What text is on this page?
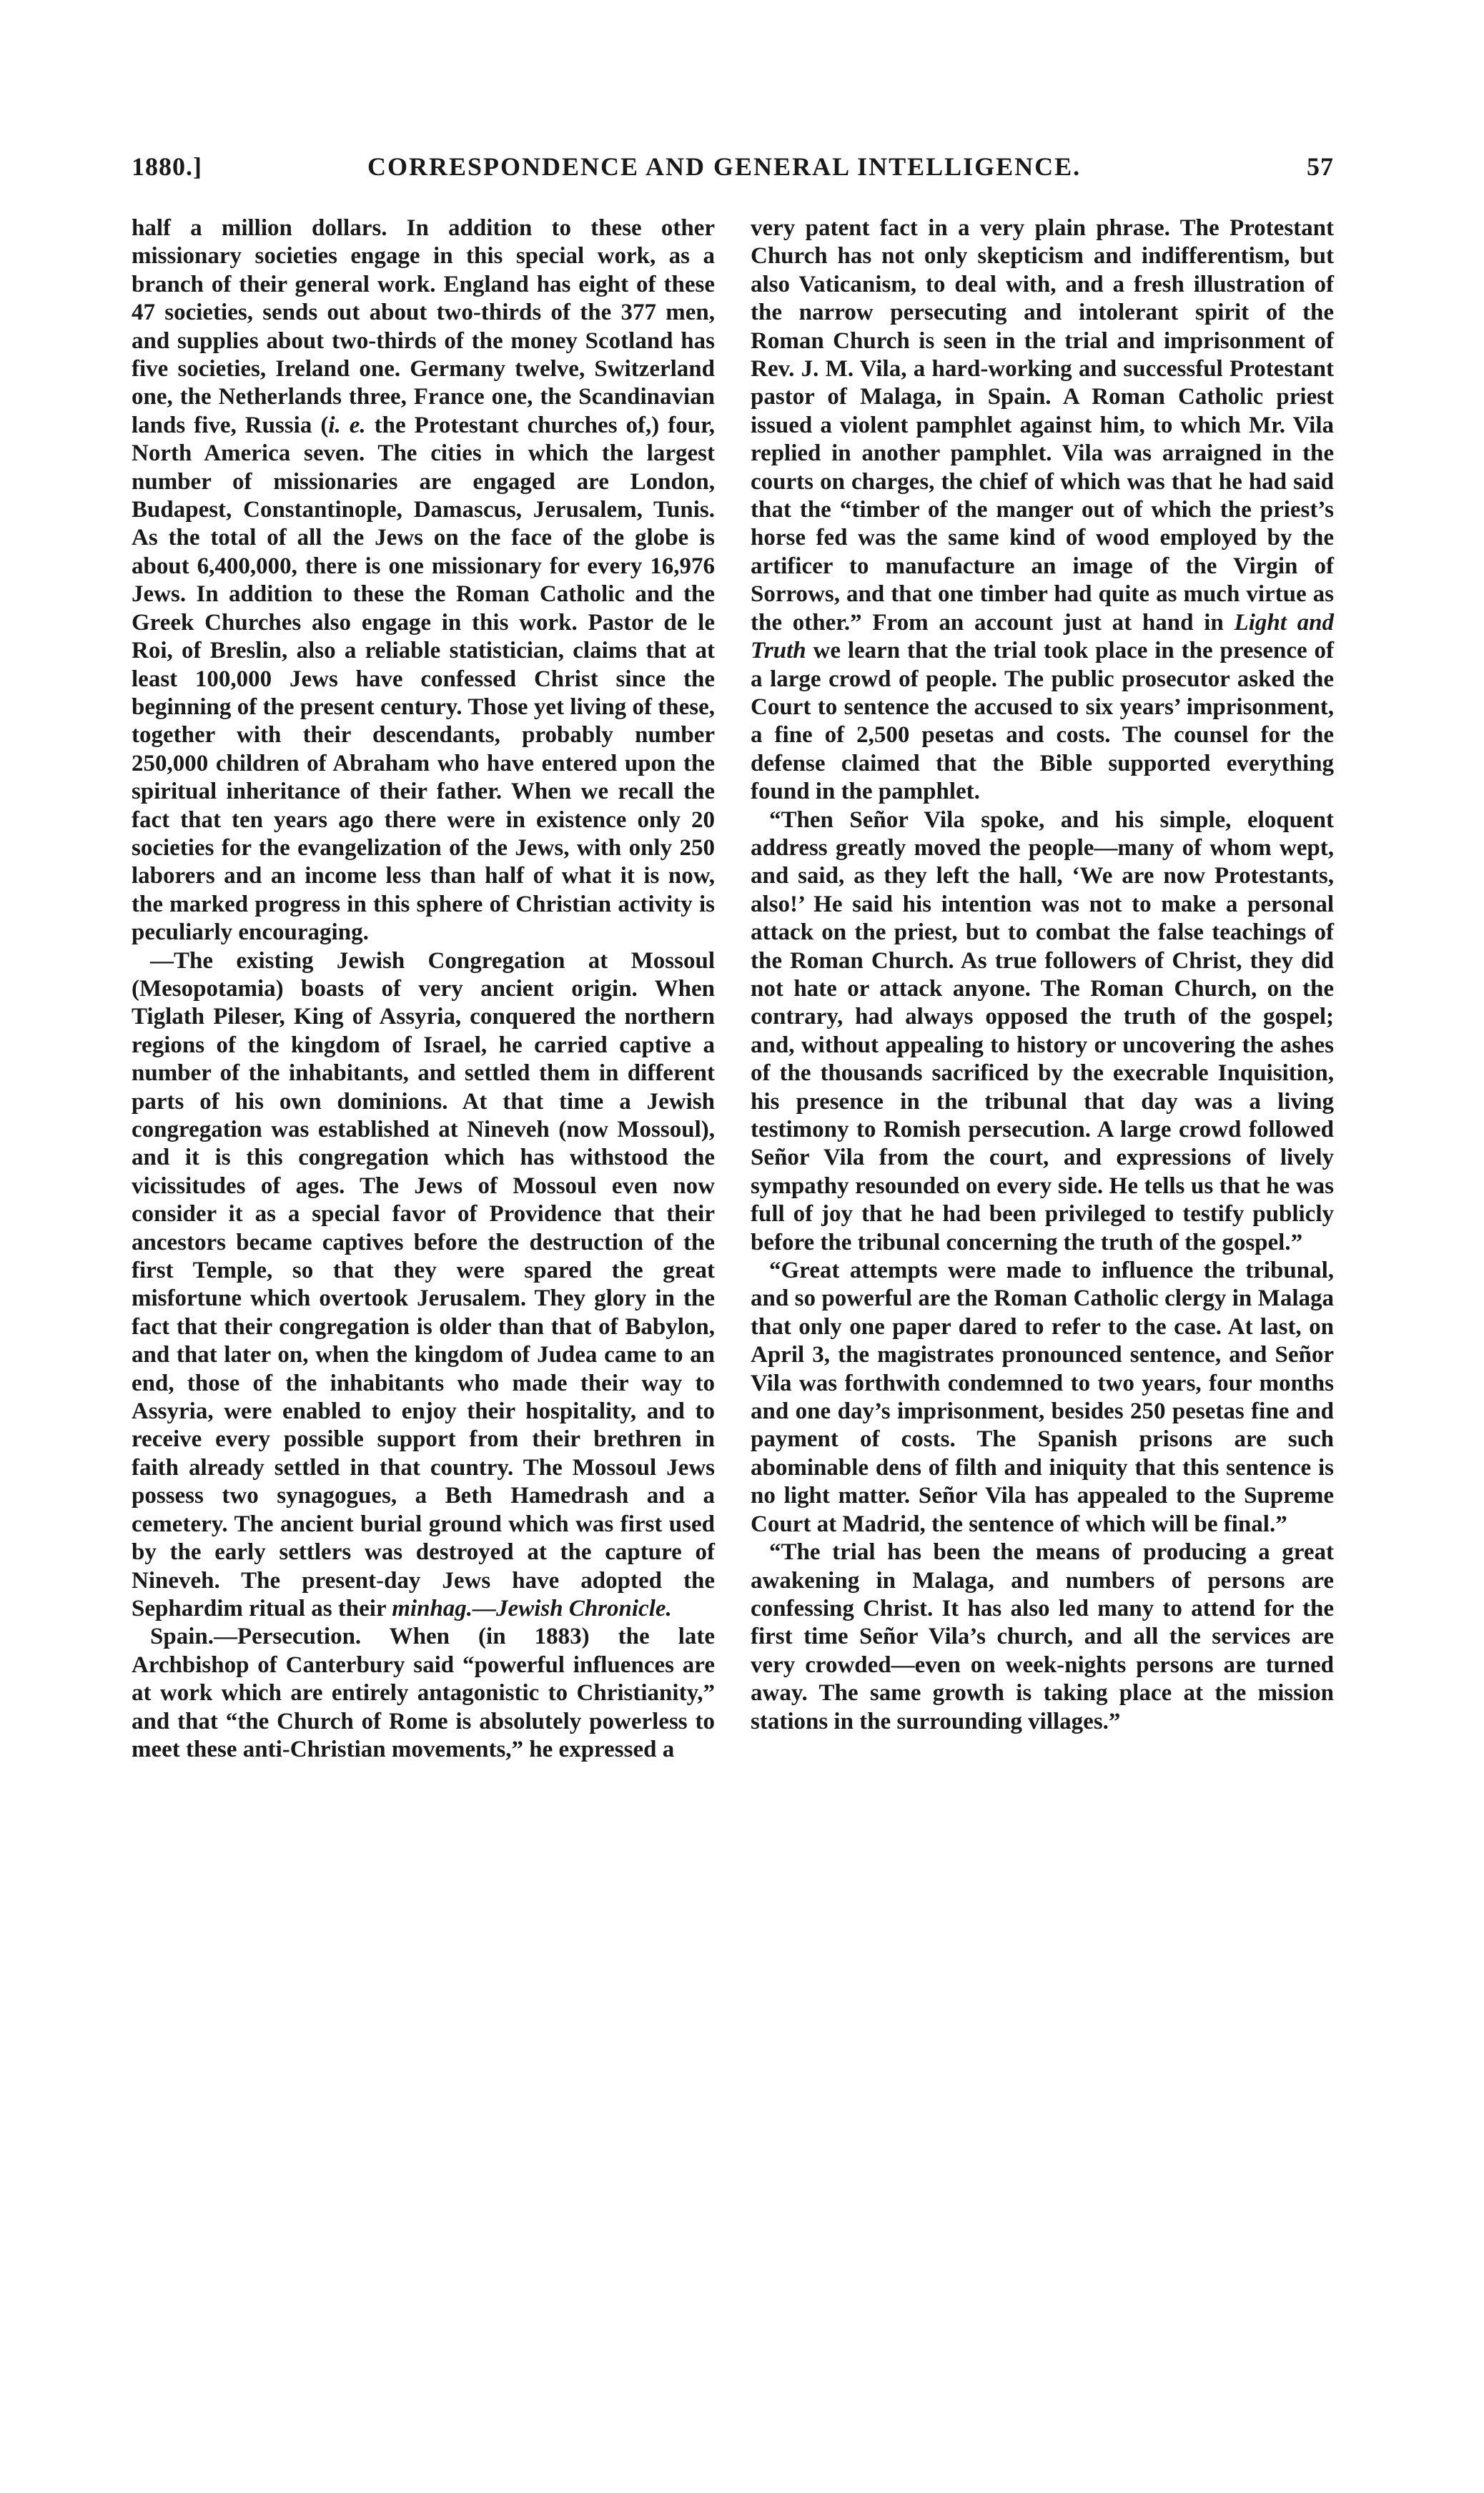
1880.]	CORRESPONDENCE AND GENERAL INTELLIGENCE.	57

half a million dollars. In addition to these other missionary societies engage in this special work, as a branch of their general work. England has eight of these 47 societies, sends out about two-thirds of the 377 men, and supplies about two-thirds of the money Scotland has five societies, Ireland one. Germany twelve, Switzerland one, the Netherlands three, France one, the Scandinavian lands five, Russia (i. e. the Protestant churches of,) four, North America seven. The cities in which the largest number of missionaries are engaged are London, Budapest, Constantinople, Damascus, Jerusalem, Tunis. As the total of all the Jews on the face of the globe is about 6,400,000, there is one missionary for every 16,976 Jews. In addition to these the Roman Catholic and the Greek Churches also engage in this work. Pastor de le Roi, of Breslin, also a reliable statistician, claims that at least 100,000 Jews have confessed Christ since the beginning of the present century. Those yet living of these, together with their descendants, probably number 250,000 children of Abraham who have entered upon the spiritual inheritance of their father. When we recall the fact that ten years ago there were in existence only 20 societies for the evangelization of the Jews, with only 250 laborers and an income less than half of what it is now, the marked progress in this sphere of Christian activity is peculiarly encouraging.

—The existing Jewish Congregation at Mossoul (Mesopotamia) boasts of very ancient origin. When Tiglath Pileser, King of Assyria, conquered the northern regions of the kingdom of Israel, he carried captive a number of the inhabitants, and settled them in different parts of his own dominions. At that time a Jewish congregation was established at Nineveh (now Mossoul), and it is this congregation which has withstood the vicissitudes of ages. The Jews of Mossoul even now consider it as a special favor of Providence that their ancestors became captives before the destruction of the first Temple, so that they were spared the great misfortune which overtook Jerusalem. They glory in the fact that their congregation is older than that of Babylon, and that later on, when the kingdom of Judea came to an end, those of the inhabitants who made their way to Assyria, were enabled to enjoy their hospitality, and to receive every possible support from their brethren in faith already settled in that country. The Mossoul Jews possess two synagogues, a Beth Hamedrash and a cemetery. The ancient burial ground which was first used by the early settlers was destroyed at the capture of Nineveh. The present-day Jews have adopted the Sephardim ritual as their minhag.—Jewish Chronicle.

Spain.—Persecution. When (in 1883) the late Archbishop of Canterbury said “powerful influences are at work which are entirely antagonistic to Christianity,” and that “the Church of Rome is absolutely powerless to meet these anti-Christian movements,” he expressed a

very patent fact in a very plain phrase. The Protestant Church has not only skepticism and indifferentism, but also Vaticanism, to deal with, and a fresh illustration of the narrow persecuting and intolerant spirit of the Roman Church is seen in the trial and imprisonment of Rev. J. M. Vila, a hard-working and successful Protestant pastor of Malaga, in Spain. A Roman Catholic priest issued a violent pamphlet against him, to which Mr. Vila replied in another pamphlet. Vila was arraigned in the courts on charges, the chief of which was that he had said that the “timber of the manger out of which the priest’s horse fed was the same kind of wood employed by the artificer to manufacture an image of the Virgin of Sorrows, and that one timber had quite as much virtue as the other.” From an account just at hand in Light and Truth we learn that the trial took place in the presence of a large crowd of people. The public prosecutor asked the Court to sentence the accused to six years’ imprisonment, a fine of 2,500 pesetas and costs. The counsel for the defense claimed that the Bible supported everything found in the pamphlet.

“Then Señor Vila spoke, and his simple, eloquent address greatly moved the people—many of whom wept, and said, as they left the hall, ‘We are now Protestants, also!’ He said his intention was not to make a personal attack on the priest, but to combat the false teachings of the Roman Church. As true followers of Christ, they did not hate or attack anyone. The Roman Church, on the contrary, had always opposed the truth of the gospel; and, without appealing to history or uncovering the ashes of the thousands sacrificed by the execrable Inquisition, his presence in the tribunal that day was a living testimony to Romish persecution. A large crowd followed Señor Vila from the court, and expressions of lively sympathy resounded on every side. He tells us that he was full of joy that he had been privileged to testify publicly before the tribunal concerning the truth of the gospel.”

“Great attempts were made to influence the tribunal, and so powerful are the Roman Catholic clergy in Malaga that only one paper dared to refer to the case. At last, on April 3, the magistrates pronounced sentence, and Señor Vila was forthwith condemned to two years, four months and one day’s imprisonment, besides 250 pesetas fine and payment of costs. The Spanish prisons are such abominable dens of filth and iniquity that this sentence is no light matter. Señor Vila has appealed to the Supreme Court at Madrid, the sentence of which will be final.”

“The trial has been the means of producing a great awakening in Malaga, and numbers of persons are confessing Christ. It has also led many to attend for the first time Señor Vila’s church, and all the services are very crowded—even on week-nights persons are turned away. The same growth is taking place at the mission stations in the surrounding villages.”
